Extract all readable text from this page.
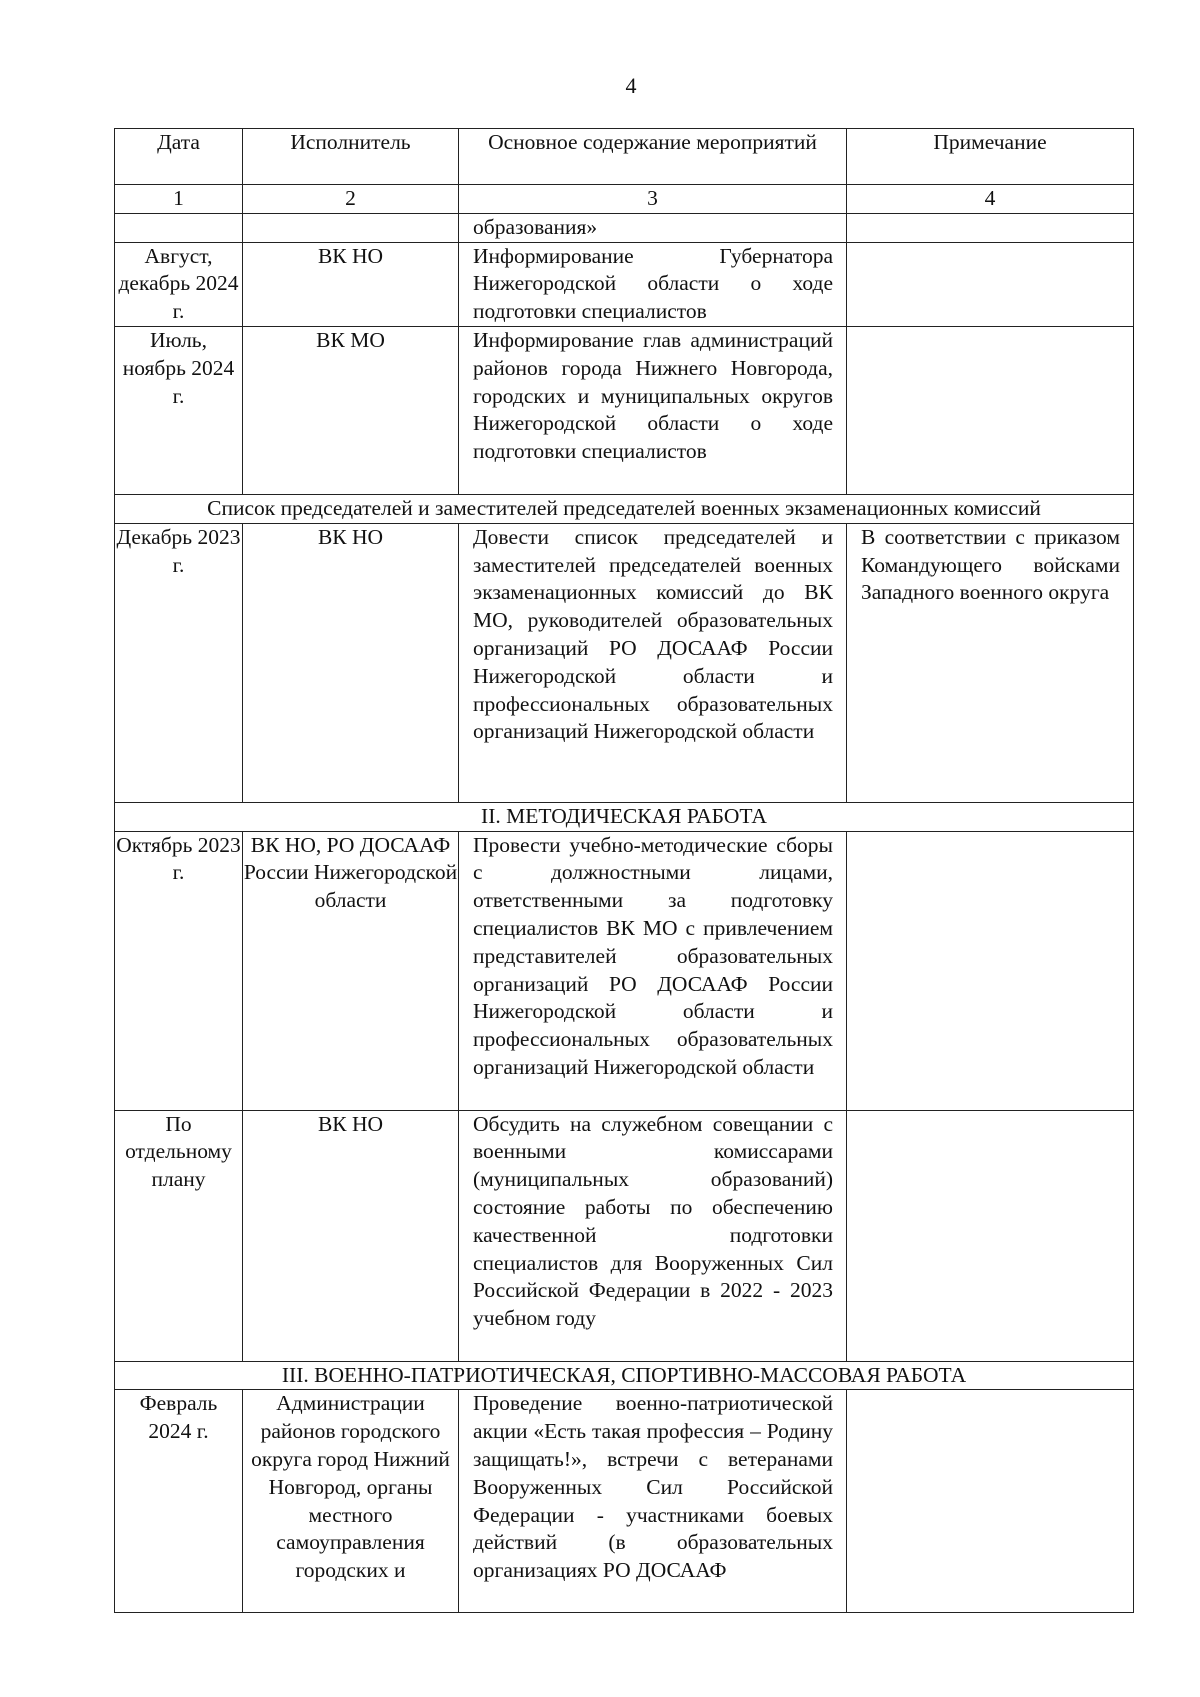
4
Дата	Исполнитель	Основное содержание мероприятий	Примечание
1	2	3	4
		образования»	
Август, декабрь 2024 г.	ВК НО	Информирование Губернатора Нижегородской области о ходе подготовки специалистов	
Июль, ноябрь 2024 г.	ВК МО	Информирование глав администраций районов города Нижнего Новгорода, городских и муниципальных округов Нижегородской области о ходе подготовки специалистов	
Список председателей и заместителей председателей военных экзаменационных комиссий			
Декабрь 2023 г.	ВК НО	Довести список председателей и заместителей председателей военных экзаменационных комиссий до ВК МО, руководителей образовательных организаций РО ДОСААФ России Нижегородской области и профессиональных образовательных организаций Нижегородской области	В соответствии с приказом Командующего войсками Западного военного округа
II. МЕТОДИЧЕСКАЯ РАБОТА			
Октябрь 2023 г.	ВК НО, РО ДОСААФ России Нижегородской области	Провести учебно-методические сборы с должностными лицами, ответственными за подготовку специалистов ВК МО с привлечением представителей образовательных организаций РО ДОСААФ России Нижегородской области и профессиональных образовательных организаций Нижегородской области	
По отдельному плану	ВК НО	Обсудить на служебном совещании с военными комиссарами (муниципальных образований) состояние работы по обеспечению качественной подготовки специалистов для Вооруженных Сил Российской Федерации в 2022 - 2023 учебном году	
III. ВОЕННО-ПАТРИОТИЧЕСКАЯ, СПОРТИВНО-МАССОВАЯ РАБОТА			
Февраль 2024 г.	Администрации районов городского округа город Нижний Новгород, органы местного самоуправления городских и	Проведение военно-патриотической акции «Есть такая профессия – Родину защищать!», встречи с ветеранами Вооруженных Сил Российской Федерации - участниками боевых действий (в образовательных организациях РО ДОСААФ	
